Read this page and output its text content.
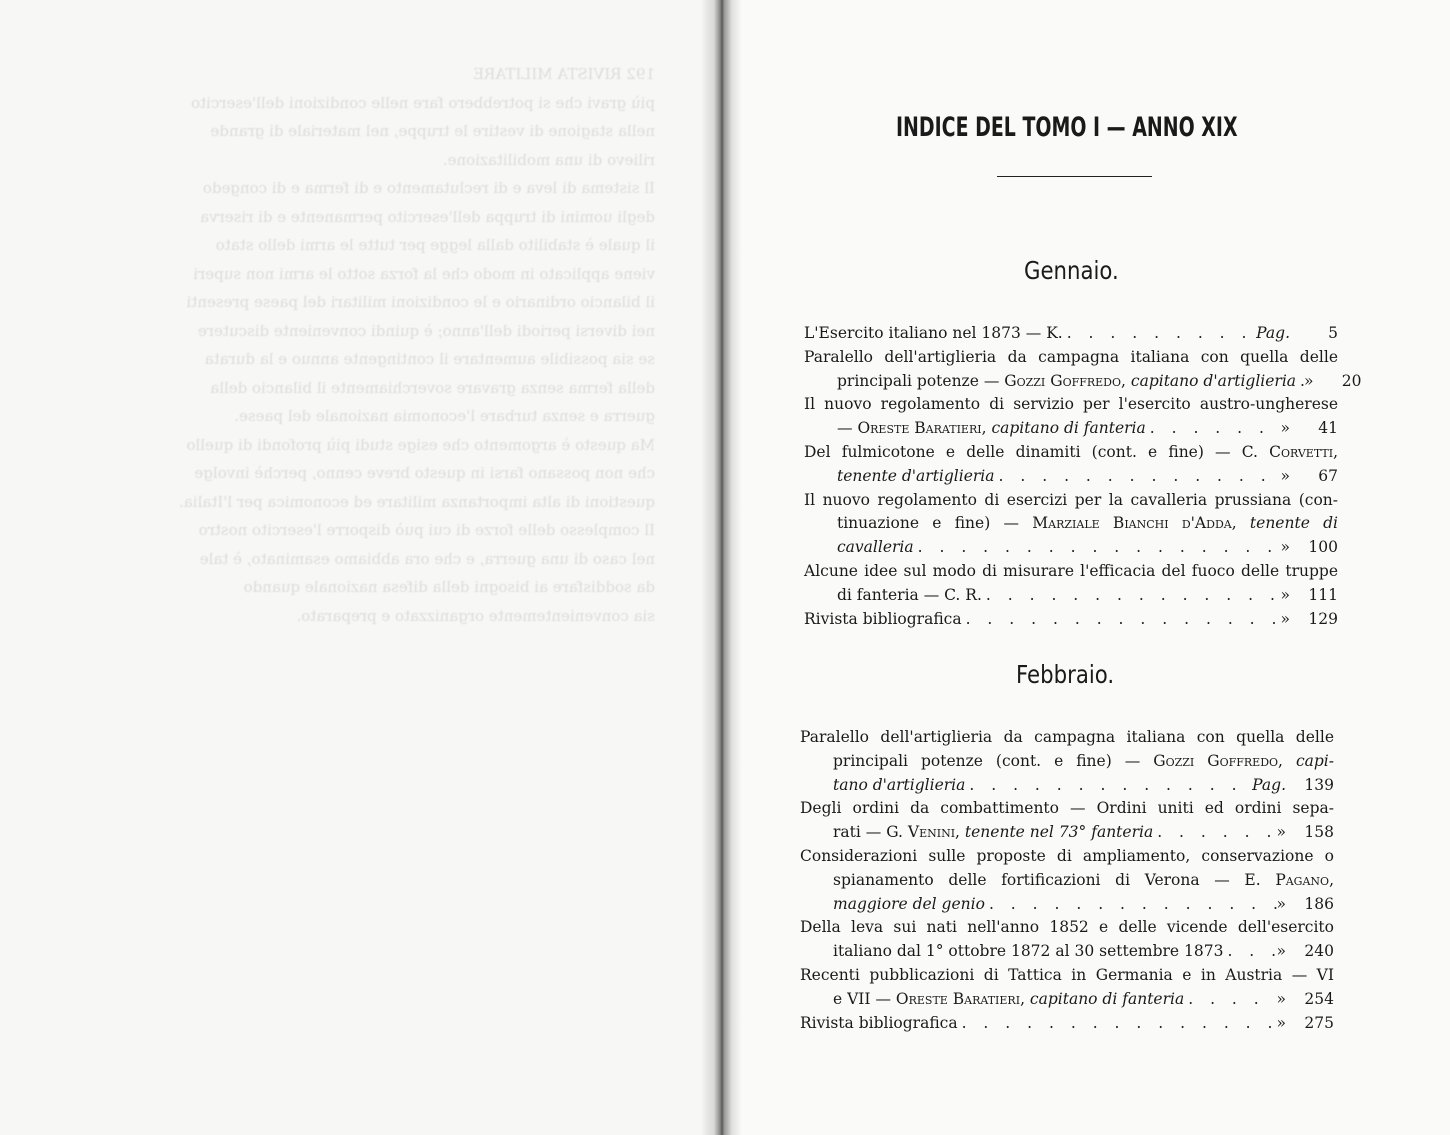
192 RIVISTA MILITARE
più gravi che si potrebbero fare nelle condizioni dell'esercito
nella stagione di vestire le truppe, nel materiale di grande
rilievo di una mobilitazione.
Il sistema di leva e di reclutamento e di ferma e di congedo
degli uomini di truppa dell'esercito permanente e di riserva
il quale è stabilito dalla legge per tutte le armi dello stato
viene applicato in modo che la forza sotto le armi non superi
il bilancio ordinario e le condizioni militari del paese presenti
nei diversi periodi dell'anno; è quindi conveniente discutere
se sia possibile aumentare il contingente annuo e la durata
della ferma senza gravare soverchiamente il bilancio della
guerra e senza turbare l'economia nazionale del paese.
Ma questo è argomento che esige studi più profondi di quello
che non possano farsi in questo breve cenno, perchè involge
questioni di alta importanza militare ed economica per l'Italia.
Il complesso delle forze di cui può disporre l'esercito nostro
nel caso di una guerra, e che ora abbiamo esaminato, è tale
da soddisfare ai bisogni della difesa nazionale quando
sia convenientemente organizzato e preparato.
INDICE DEL TOMO I — ANNO XIX
Gennaio.
L'Esercito italiano nel 1873 — K. . . .	Pag.	5
Paralello dell'artiglieria da campagna italiana con quella delle
principali potenze — Gozzi Goffredo, capitano d'artiglieria . . . »	20
Il nuovo regolamento di servizio per l'esercito austro-ungherese
— Oreste Baratieri, capitano di fanteria . . .	»	41
Del fulmicotone e delle dinamiti (cont. e fine) — C. Corvetti,
tenente d'artiglieria . . .	»	67
Il nuovo regolamento di esercizi per la cavalleria prussiana (con-
tinuazione e fine) — Marziale Bianchi d'Adda, tenente di
cavalleria . . .	»	100
Alcune idee sul modo di misurare l'efficacia del fuoco delle truppe
di fanteria — C. R. . . .	»	111
Rivista bibliografica . . .	»	129
Febbraio.
Paralello dell'artiglieria da campagna italiana con quella delle
principali potenze (cont. e fine) — Gozzi Goffredo, capi-
tano d'artiglieria . . .	Pag.	139
Degli ordini da combattimento — Ordini uniti ed ordini sepa-
rati — G. Venini, tenente nel 73° fanteria . . .	»	158
Considerazioni sulle proposte di ampliamento, conservazione o
spianamento delle fortificazioni di Verona — E. Pagano,
maggiore del genio . . .	»	186
Della leva sui nati nell'anno 1852 e delle vicende dell'esercito
italiano dal 1° ottobre 1872 al 30 settembre 1873 . . .	»	240
Recenti pubblicazioni di Tattica in Germania e in Austria — VI
e VII — Oreste Baratieri, capitano di fanteria . . .	»	254
Rivista bibliografica . . .	»	275
